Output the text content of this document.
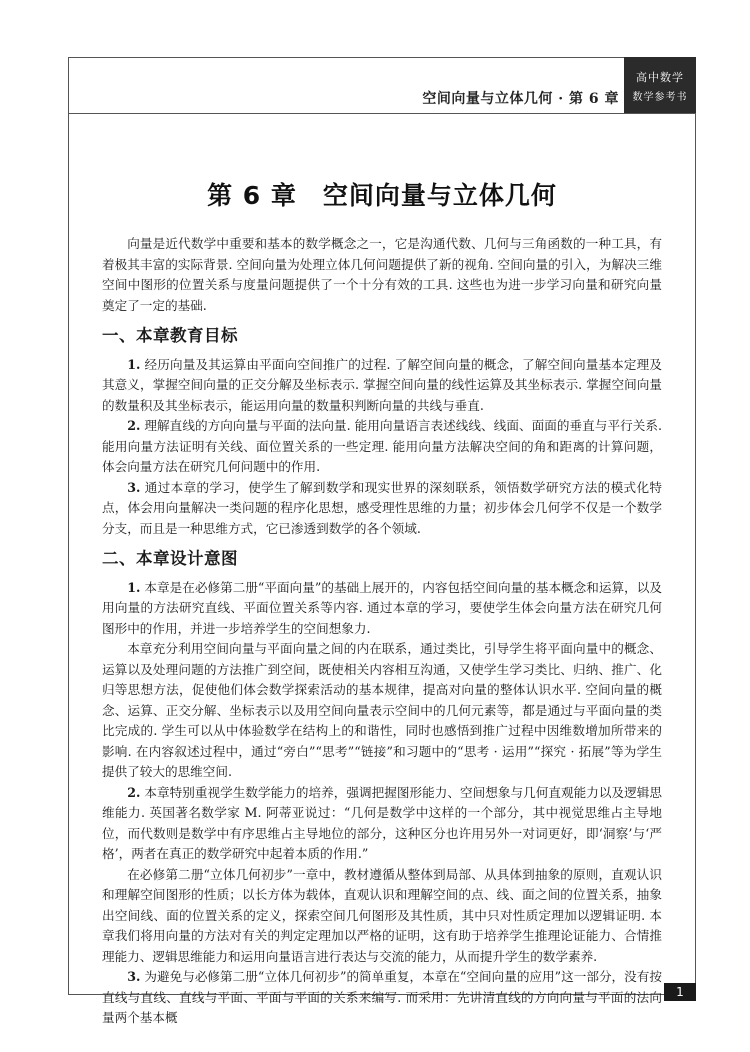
空间向量与立体几何 · 第 6 章
高中数学
数学参考书
第 6 章　空间向量与立体几何

向量是近代数学中重要和基本的数学概念之一，它是沟通代数、几何与三角函数的一种工具，有着极其丰富的实际背景. 空间向量为处理立体几何问题提供了新的视角. 空间向量的引入，为解决三维空间中图形的位置关系与度量问题提供了一个十分有效的工具. 这些也为进一步学习向量和研究向量奠定了一定的基础.

一、本章教育目标

1. 经历向量及其运算由平面向空间推广的过程. 了解空间向量的概念，了解空间向量基本定理及其意义，掌握空间向量的正交分解及坐标表示. 掌握空间向量的线性运算及其坐标表示. 掌握空间向量的数量积及其坐标表示，能运用向量的数量积判断向量的共线与垂直.

2. 理解直线的方向向量与平面的法向量. 能用向量语言表述线线、线面、面面的垂直与平行关系. 能用向量方法证明有关线、面位置关系的一些定理. 能用向量方法解决空间的角和距离的计算问题，体会向量方法在研究几何问题中的作用.

3. 通过本章的学习，使学生了解到数学和现实世界的深刻联系，领悟数学研究方法的模式化特点，体会用向量解决一类问题的程序化思想，感受理性思维的力量；初步体会几何学不仅是一个数学分支，而且是一种思维方式，它已渗透到数学的各个领域.

二、本章设计意图

1. 本章是在必修第二册“平面向量”的基础上展开的，内容包括空间向量的基本概念和运算，以及用向量的方法研究直线、平面位置关系等内容. 通过本章的学习，要使学生体会向量方法在研究几何图形中的作用，并进一步培养学生的空间想象力.

本章充分利用空间向量与平面向量之间的内在联系，通过类比，引导学生将平面向量中的概念、运算以及处理问题的方法推广到空间，既使相关内容相互沟通，又使学生学习类比、归纳、推广、化归等思想方法，促使他们体会数学探索活动的基本规律，提高对向量的整体认识水平. 空间向量的概念、运算、正交分解、坐标表示以及用空间向量表示空间中的几何元素等，都是通过与平面向量的类比完成的. 学生可以从中体验数学在结构上的和谐性，同时也感悟到推广过程中因维数增加所带来的影响. 在内容叙述过程中，通过“旁白”“思考”“链接”和习题中的“思考 · 运用”“探究 · 拓展”等为学生提供了较大的思维空间.

2. 本章特别重视学生数学能力的培养，强调把握图形能力、空间想象与几何直观能力以及逻辑思维能力. 英国著名数学家 M. 阿蒂亚说过：“几何是数学中这样的一个部分，其中视觉思维占主导地位，而代数则是数学中有序思维占主导地位的部分，这种区分也许用另外一对词更好，即‘洞察’与‘严格’，两者在真正的数学研究中起着本质的作用.”

在必修第二册“立体几何初步”一章中，教材遵循从整体到局部、从具体到抽象的原则，直观认识和理解空间图形的性质；以长方体为载体，直观认识和理解空间的点、线、面之间的位置关系，抽象出空间线、面的位置关系的定义，探索空间几何图形及其性质，其中只对性质定理加以逻辑证明. 本章我们将用向量的方法对有关的判定定理加以严格的证明，这有助于培养学生推理论证能力、合情推理能力、逻辑思维能力和运用向量语言进行表达与交流的能力，从而提升学生的数学素养.

3. 为避免与必修第二册“立体几何初步”的简单重复，本章在“空间向量的应用”这一部分，没有按直线与直线、直线与平面、平面与平面的关系来编写. 而采用：先讲清直线的方向向量与平面的法向量两个基本概

1
